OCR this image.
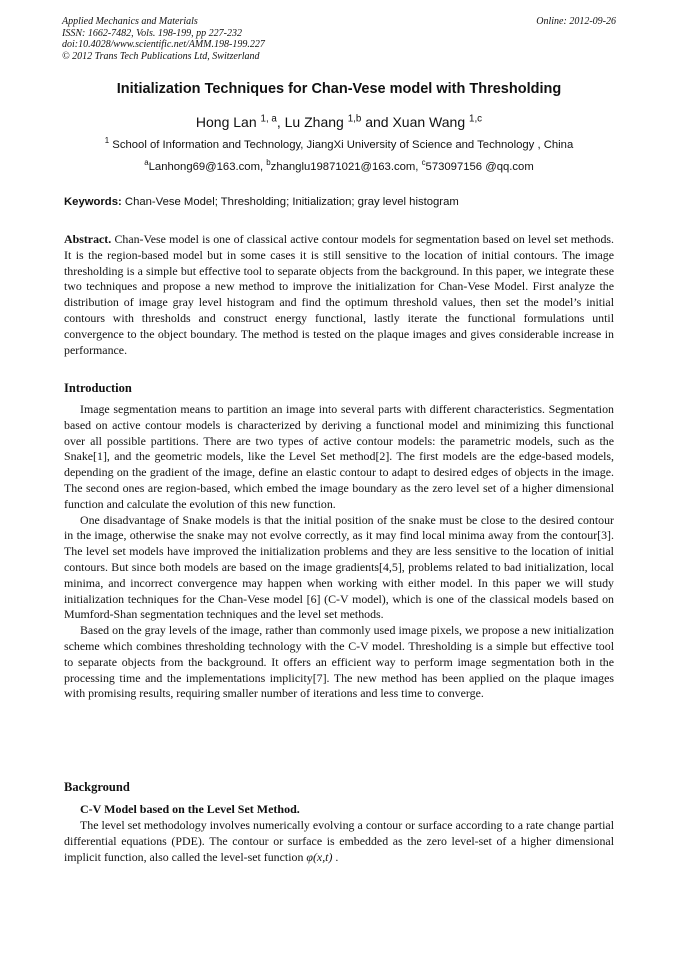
Applied Mechanics and Materials
ISSN: 1662-7482, Vols. 198-199, pp 227-232
doi:10.4028/www.scientific.net/AMM.198-199.227
© 2012 Trans Tech Publications Ltd, Switzerland
Online: 2012-09-26
Initialization Techniques for Chan-Vese model with Thresholding
Hong Lan $^{1, a}$, Lu Zhang $^{1,b}$ and Xuan Wang $^{1,c}$
$^1$ School of Information and Technology, JiangXi University of Science and Technology , China
$^a$Lanhong69@163.com, $^b$zhanglu19871021@163.com, $^c$573097156 @qq.com
Keywords: Chan-Vese Model; Thresholding; Initialization; gray level histogram

Abstract. Chan-Vese model is one of classical active contour models for segmentation based on level set methods. It is the region-based model but in some cases it is still sensitive to the location of initial contours. The image thresholding is a simple but effective tool to separate objects from the background. In this paper, we integrate these two techniques and propose a new method to improve the initialization for Chan-Vese Model. First analyze the distribution of image gray level histogram and find the optimum threshold values, then set the model’s initial contours with thresholds and construct energy functional, lastly iterate the functional formulations until convergence to the object boundary. The method is tested on the plaque images and gives considerable increase in performance.

Introduction

Image segmentation means to partition an image into several parts with different characteristics. Segmentation based on active contour models is characterized by deriving a functional model and minimizing this functional over all possible partitions. There are two types of active contour models: the parametric models, such as the Snake[1], and the geometric models, like the Level Set method[2]. The first models are the edge-based models, depending on the gradient of the image, define an elastic contour to adapt to desired edges of objects in the image. The second ones are region-based, which embed the image boundary as the zero level set of a higher dimensional function and calculate the evolution of this new function.

One disadvantage of Snake models is that the initial position of the snake must be close to the desired contour in the image, otherwise the snake may not evolve correctly, as it may find local minima away from the contour[3]. The level set models have improved the initialization problems and they are less sensitive to the location of initial contours. But since both models are based on the image gradients[4,5], problems related to bad initialization, local minima, and incorrect convergence may happen when working with either model. In this paper we will study initialization techniques for the Chan-Vese model [6] (C-V model), which is one of the classical models based on Mumford-Shan segmentation techniques and the level set methods.

Based on the gray levels of the image, rather than commonly used image pixels, we propose a new initialization scheme which combines thresholding technology with the C-V model. Thresholding is a simple but effective tool to separate objects from the background. It offers an efficient way to perform image segmentation both in the processing time and the implementations implicity[7]. The new method has been applied on the plaque images with promising results, requiring smaller number of iterations and less time to converge.

Background
C-V Model based on the Level Set Method.

The level set methodology involves numerically evolving a contour or surface according to a rate change partial differential equations (PDE). The contour or surface is embedded as the zero level-set of a higher dimensional implicit function, also called the level-set function φ(x,t) .
